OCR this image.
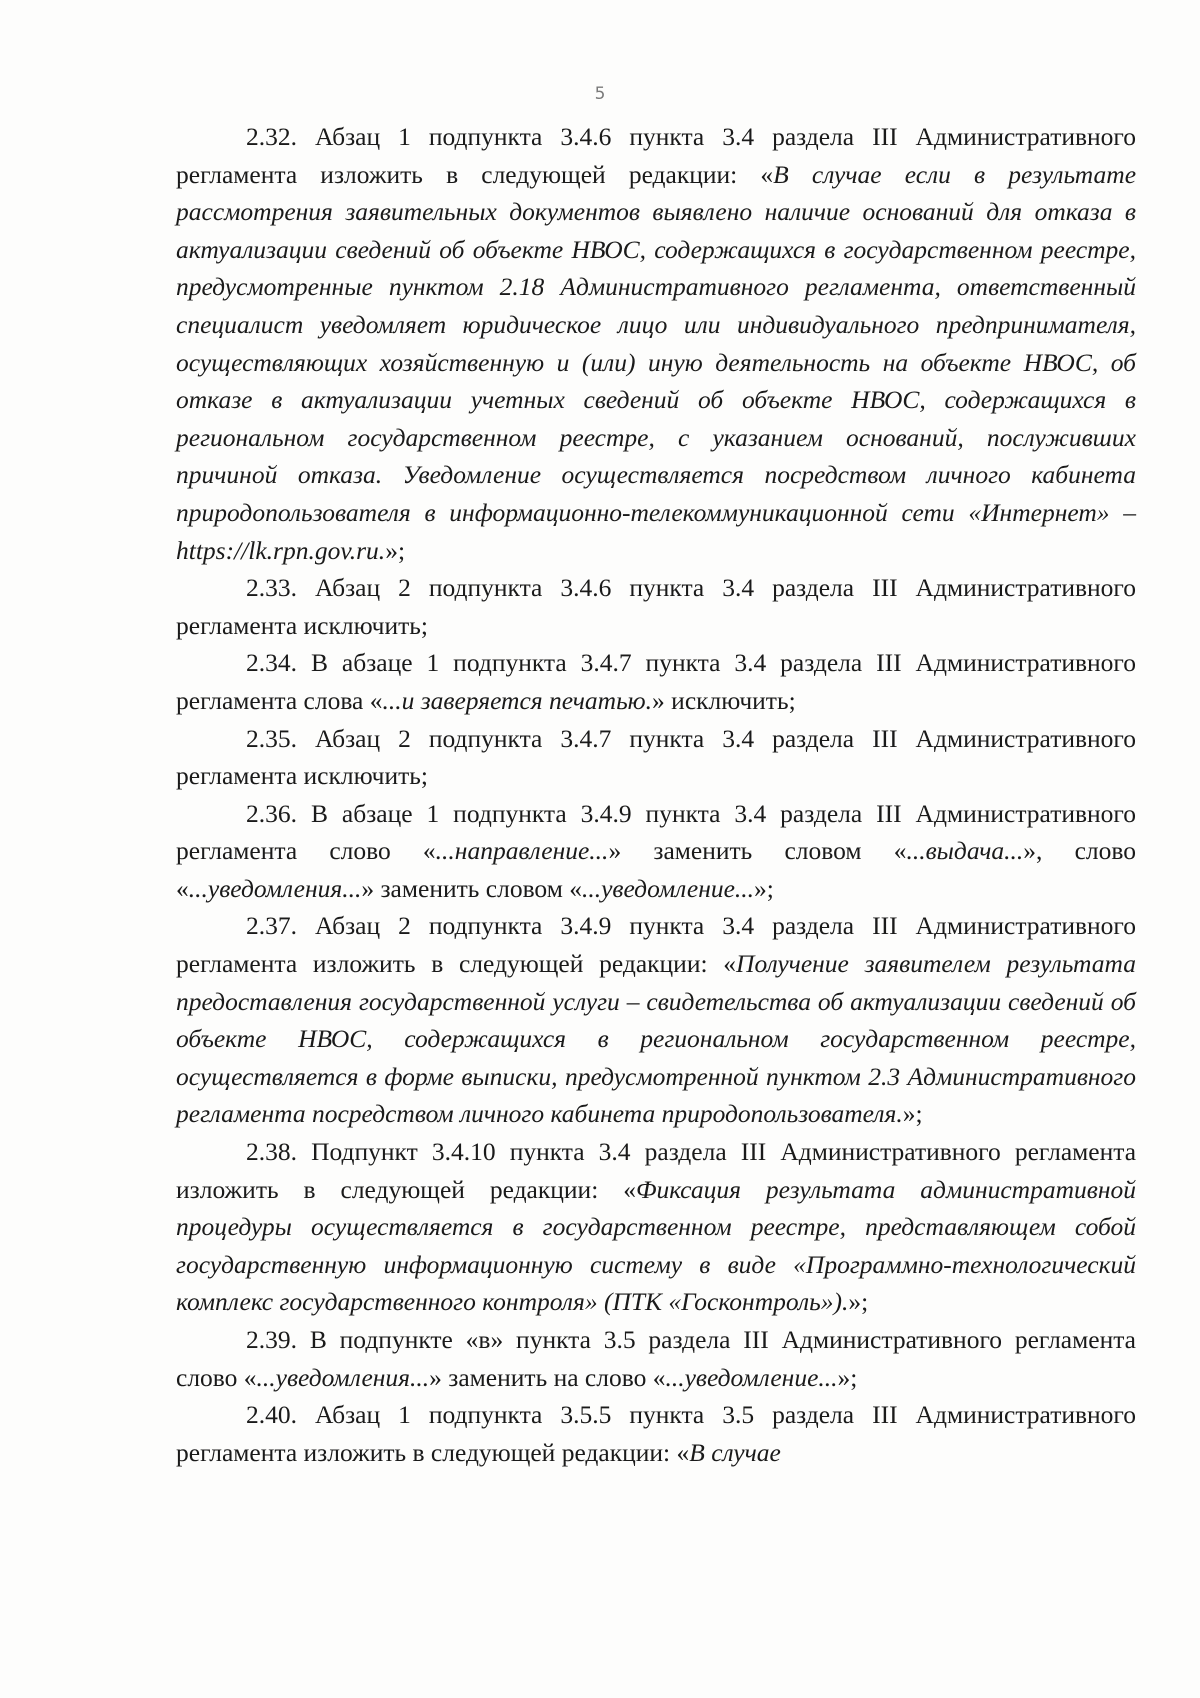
5

2.32. Абзац 1 подпункта 3.4.6 пункта 3.4 раздела III Административного регламента изложить в следующей редакции: «В случае если в результате рассмотрения заявительных документов выявлено наличие оснований для отказа в актуализации сведений об объекте НВОС, содержащихся в государственном реестре, предусмотренные пунктом 2.18 Административного регламента, ответственный специалист уведомляет юридическое лицо или индивидуального предпринимателя, осуществляющих хозяйственную и (или) иную деятельность на объекте НВОС, об отказе в актуализации учетных сведений об объекте НВОС, содержащихся в региональном государственном реестре, с указанием оснований, послуживших причиной отказа. Уведомление осуществляется посредством личного кабинета природопользователя в информационно-телекоммуникационной сети «Интернет» – https://lk.rpn.gov.ru.»;

2.33. Абзац 2 подпункта 3.4.6 пункта 3.4 раздела III Административного регламента исключить;

2.34. В абзаце 1 подпункта 3.4.7 пункта 3.4 раздела III Административного регламента слова «...и заверяется печатью.» исключить;

2.35. Абзац 2 подпункта 3.4.7 пункта 3.4 раздела III Административного регламента исключить;

2.36. В абзаце 1 подпункта 3.4.9 пункта 3.4 раздела III Административного регламента слово «...направление...» заменить словом «...выдача...», слово «...уведомления...» заменить словом «...уведомление...»;

2.37. Абзац 2 подпункта 3.4.9 пункта 3.4 раздела III Административного регламента изложить в следующей редакции: «Получение заявителем результата предоставления государственной услуги – свидетельства об актуализации сведений об объекте НВОС, содержащихся в региональном государственном реестре, осуществляется в форме выписки, предусмотренной пунктом 2.3 Административного регламента посредством личного кабинета природопользователя.»;

2.38. Подпункт 3.4.10 пункта 3.4 раздела III Административного регламента изложить в следующей редакции: «Фиксация результата административной процедуры осуществляется в государственном реестре, представляющем собой государственную информационную систему в виде «Программно-технологический комплекс государственного контроля» (ПТК «Госконтроль»).»;

2.39. В подпункте «в» пункта 3.5 раздела III Административного регламента слово «...уведомления...» заменить на слово «...уведомление...»;

2.40. Абзац 1 подпункта 3.5.5 пункта 3.5 раздела III Административного регламента изложить в следующей редакции: «В случае
